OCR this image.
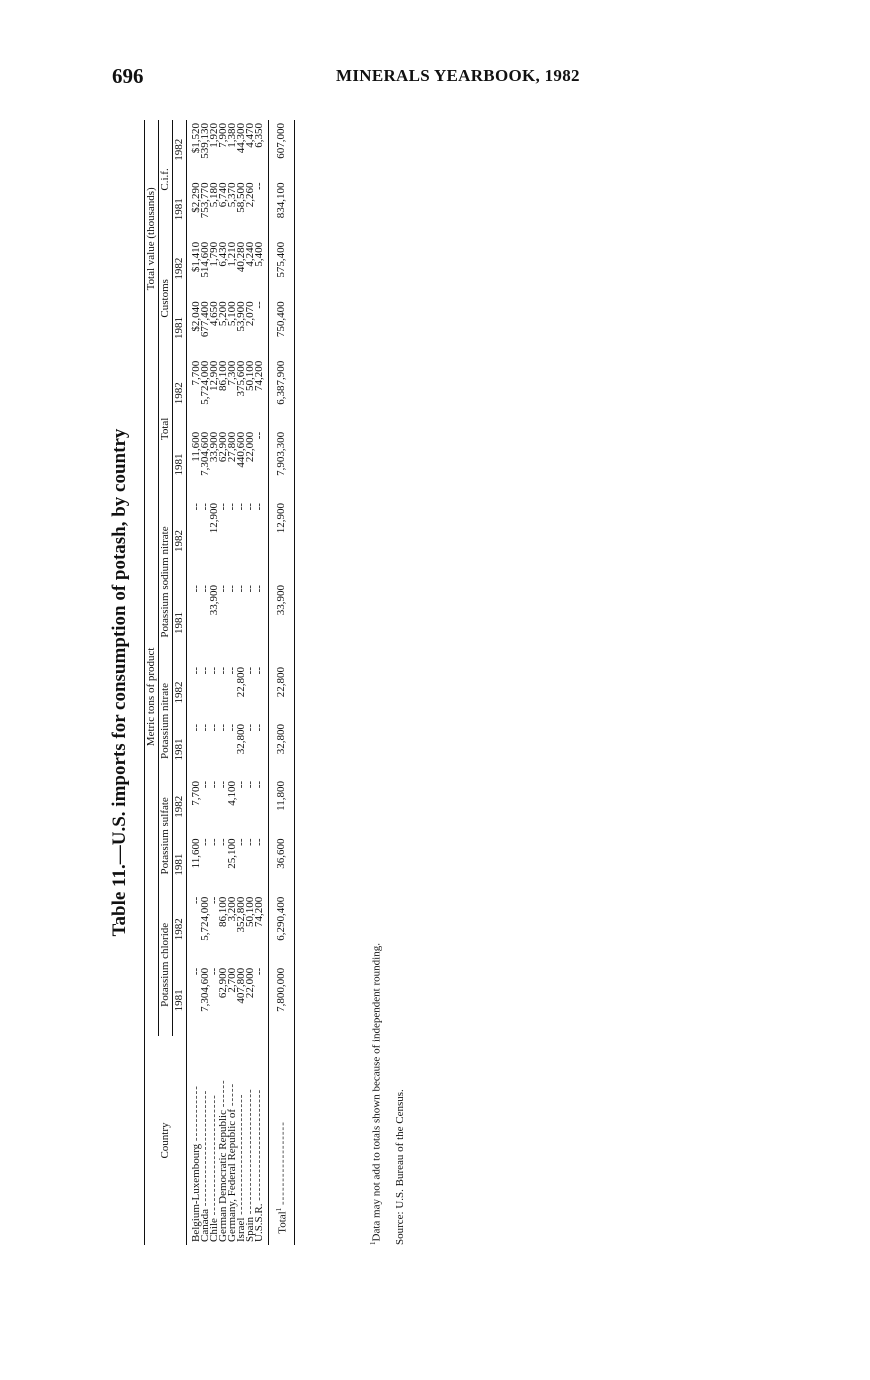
696	MINERALS YEARBOOK, 1982
Table 11.—U.S. imports for consumption of potash, by country
Country	Metric tons of product										Total value (thousands)			
	Potassium chloride		Potassium sulfate		Potassium nitrate		Potassium sodium nitrate		Total		Customs		C.i.f.	
	1981	1982	1981	1982	1981	1982	1981	1982	1981	1982	1981	1982	1981	1982
Belgium-Luxembourg ------------	--	--	11,600	7,700	--	--	--	--	11,600	7,700	$2,040	$1,410	$2,290	$1,520
Canada -------------------------	7,304,600	5,724,000	--	--	--	--	--	--	7,304,600	5,724,000	677,400	514,600	753,770	539,130
Chile --------------------------	--	--	--	--	--	--	33,900	12,900	33,900	12,900	4,650	1,790	5,180	1,920
German Democratic Republic ------	62,900	86,100	--	--	--	--	--	--	62,900	86,100	5,200	6,430	6,740	7,900
Germany, Federal Republic of -----	2,700	3,200	25,100	4,100	--	--	--	--	27,800	7,300	5,100	1,210	5,370	1,380
Israel --------------------------	407,800	352,800	--	--	32,800	22,800	--	--	440,600	375,600	53,900	40,280	58,500	44,300
Spain ---------------------------	22,000	50,100	--	--	--	--	--	--	22,000	50,100	2,070	4,240	2,260	4,470
U.S.S.R. ------------------------	--	74,200	--	--	--	--	--	--	--	74,200	--	5,400	--	6,350
Total$^1$ ------------------	7,800,000	6,290,400	36,600	11,800	32,800	22,800	33,900	12,900	7,903,300	6,387,900	750,400	575,400	834,100	607,000
$^1$Data may not add to totals shown because of independent rounding. Source: U.S. Bureau of the Census.
